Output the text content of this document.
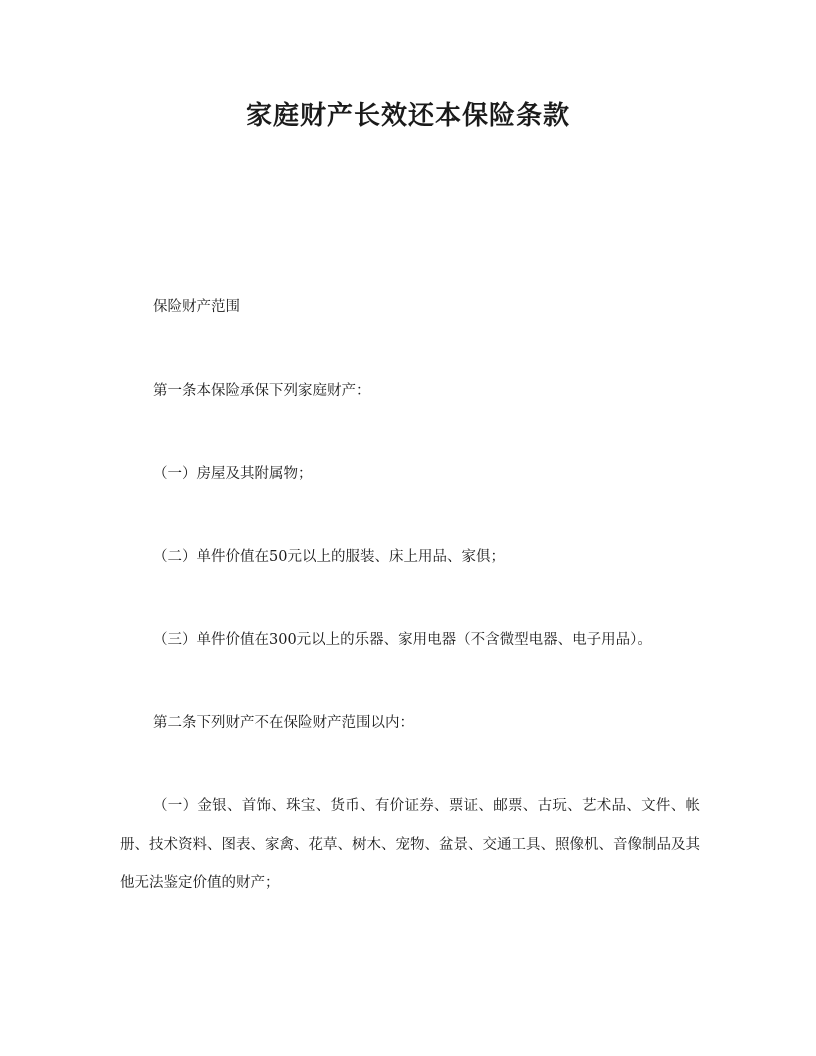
家庭财产长效还本保险条款

保险财产范围

第一条本保险承保下列家庭财产：

（一）房屋及其附属物；

（二）单件价值在50元以上的服装、床上用品、家俱；

（三）单件价值在300元以上的乐器、家用电器（不含微型电器、电子用品）。

第二条下列财产不在保险财产范围以内：

（一）金银、首饰、珠宝、货币、有价证券、票证、邮票、古玩、艺术品、文件、帐册、技术资料、图表、家禽、花草、树木、宠物、盆景、交通工具、照像机、音像制品及其他无法鉴定价值的财产；
